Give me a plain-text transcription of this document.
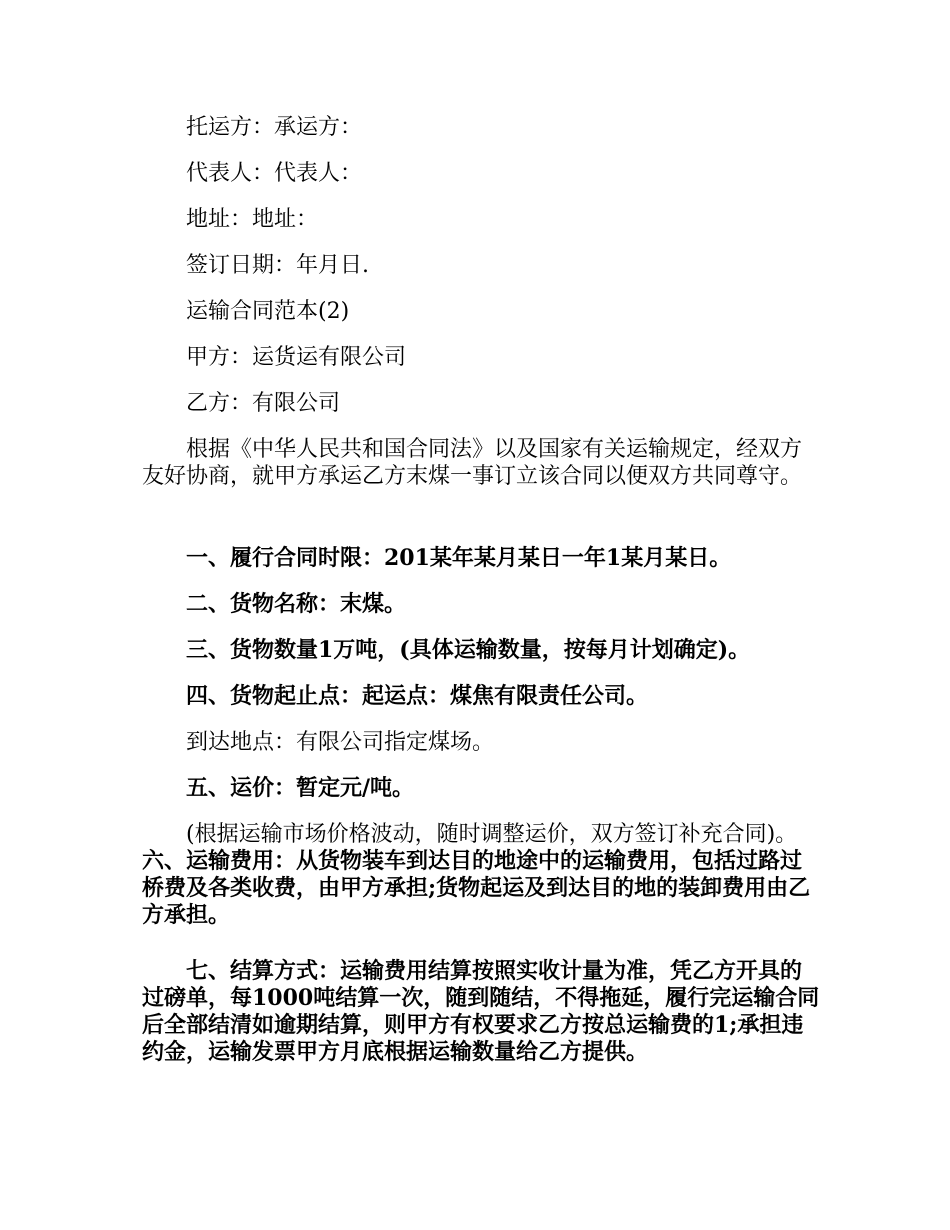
托运方：承运方：

代表人：代表人：

地址：地址：

签订日期：年月日.

运输合同范本(2)

甲方：运货运有限公司

乙方：有限公司

根据《中华人民共和国合同法》以及国家有关运输规定，经双方友好协商，就甲方承运乙方末煤一事订立该合同以便双方共同尊守。

一、履行合同时限：201某年某月某日一年1某月某日。

二、货物名称：末煤。

三、货物数量1万吨，(具体运输数量，按每月计划确定)。

四、货物起止点：起运点：煤焦有限责任公司。

到达地点：有限公司指定煤场。

五、运价：暂定元/吨。

(根据运输市场价格波动，随时调整运价，双方签订补充合同)。六、运输费用：从货物装车到达目的地途中的运输费用，包括过路过桥费及各类收费，由甲方承担;货物起运及到达目的地的装卸费用由乙方承担。

七、结算方式：运输费用结算按照实收计量为准，凭乙方开具的过磅单，每1000吨结算一次，随到随结，不得拖延，履行完运输合同后全部结清如逾期结算，则甲方有权要求乙方按总运输费的1;承担违约金，运输发票甲方月底根据运输数量给乙方提供。
